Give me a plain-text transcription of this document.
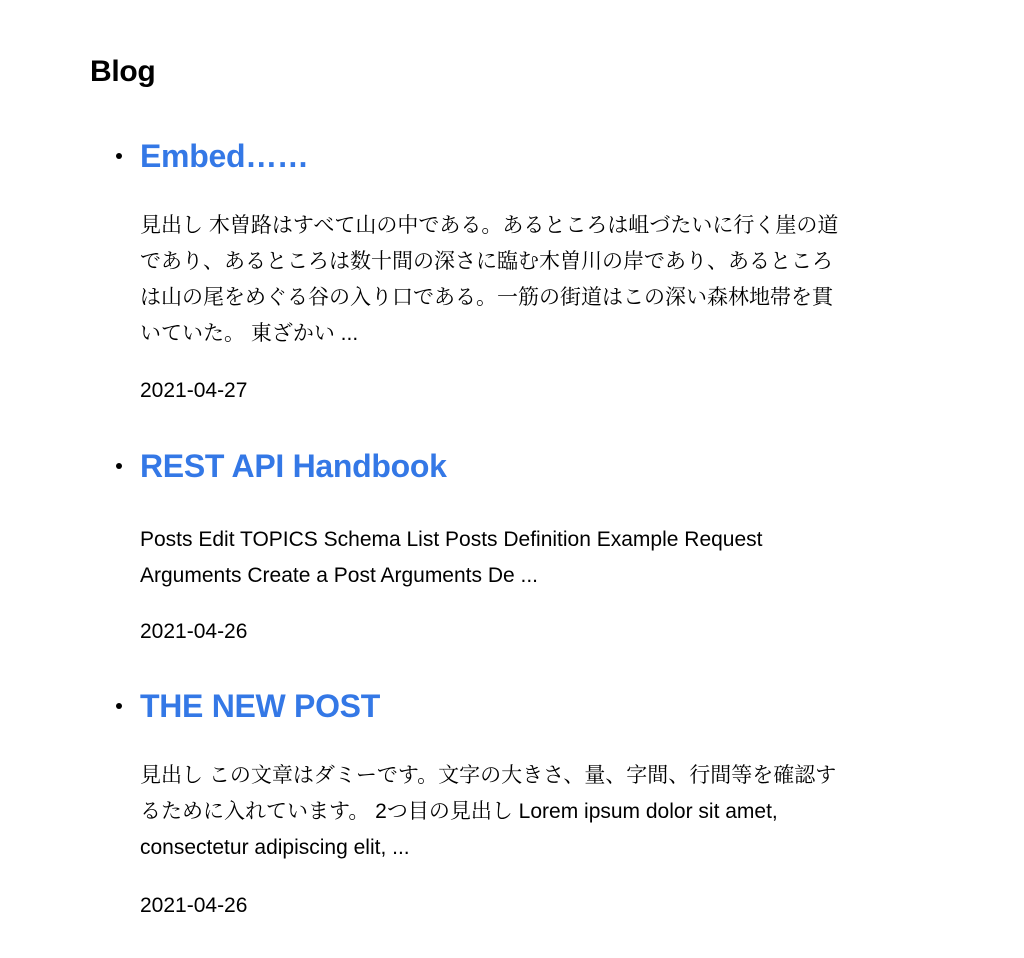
Blog
Embed……

見出し 木曽路はすべて山の中である。あるところは岨づたいに行く崖の道であり、あるところは数十間の深さに臨む木曽川の岸であり、あるところは山の尾をめぐる谷の入り口である。一筋の街道はこの深い森林地帯を貫いていた。 東ざかい ...

2021-04-27

REST API Handbook

Posts Edit TOPICS Schema List Posts Definition Example Request Arguments Create a Post Arguments De ...

2021-04-26

THE NEW POST

見出し この文章はダミーです。文字の大きさ、量、字間、行間等を確認するために入れています。 2つ目の見出し Lorem ipsum dolor sit amet, consectetur adipiscing elit, ...

2021-04-26
